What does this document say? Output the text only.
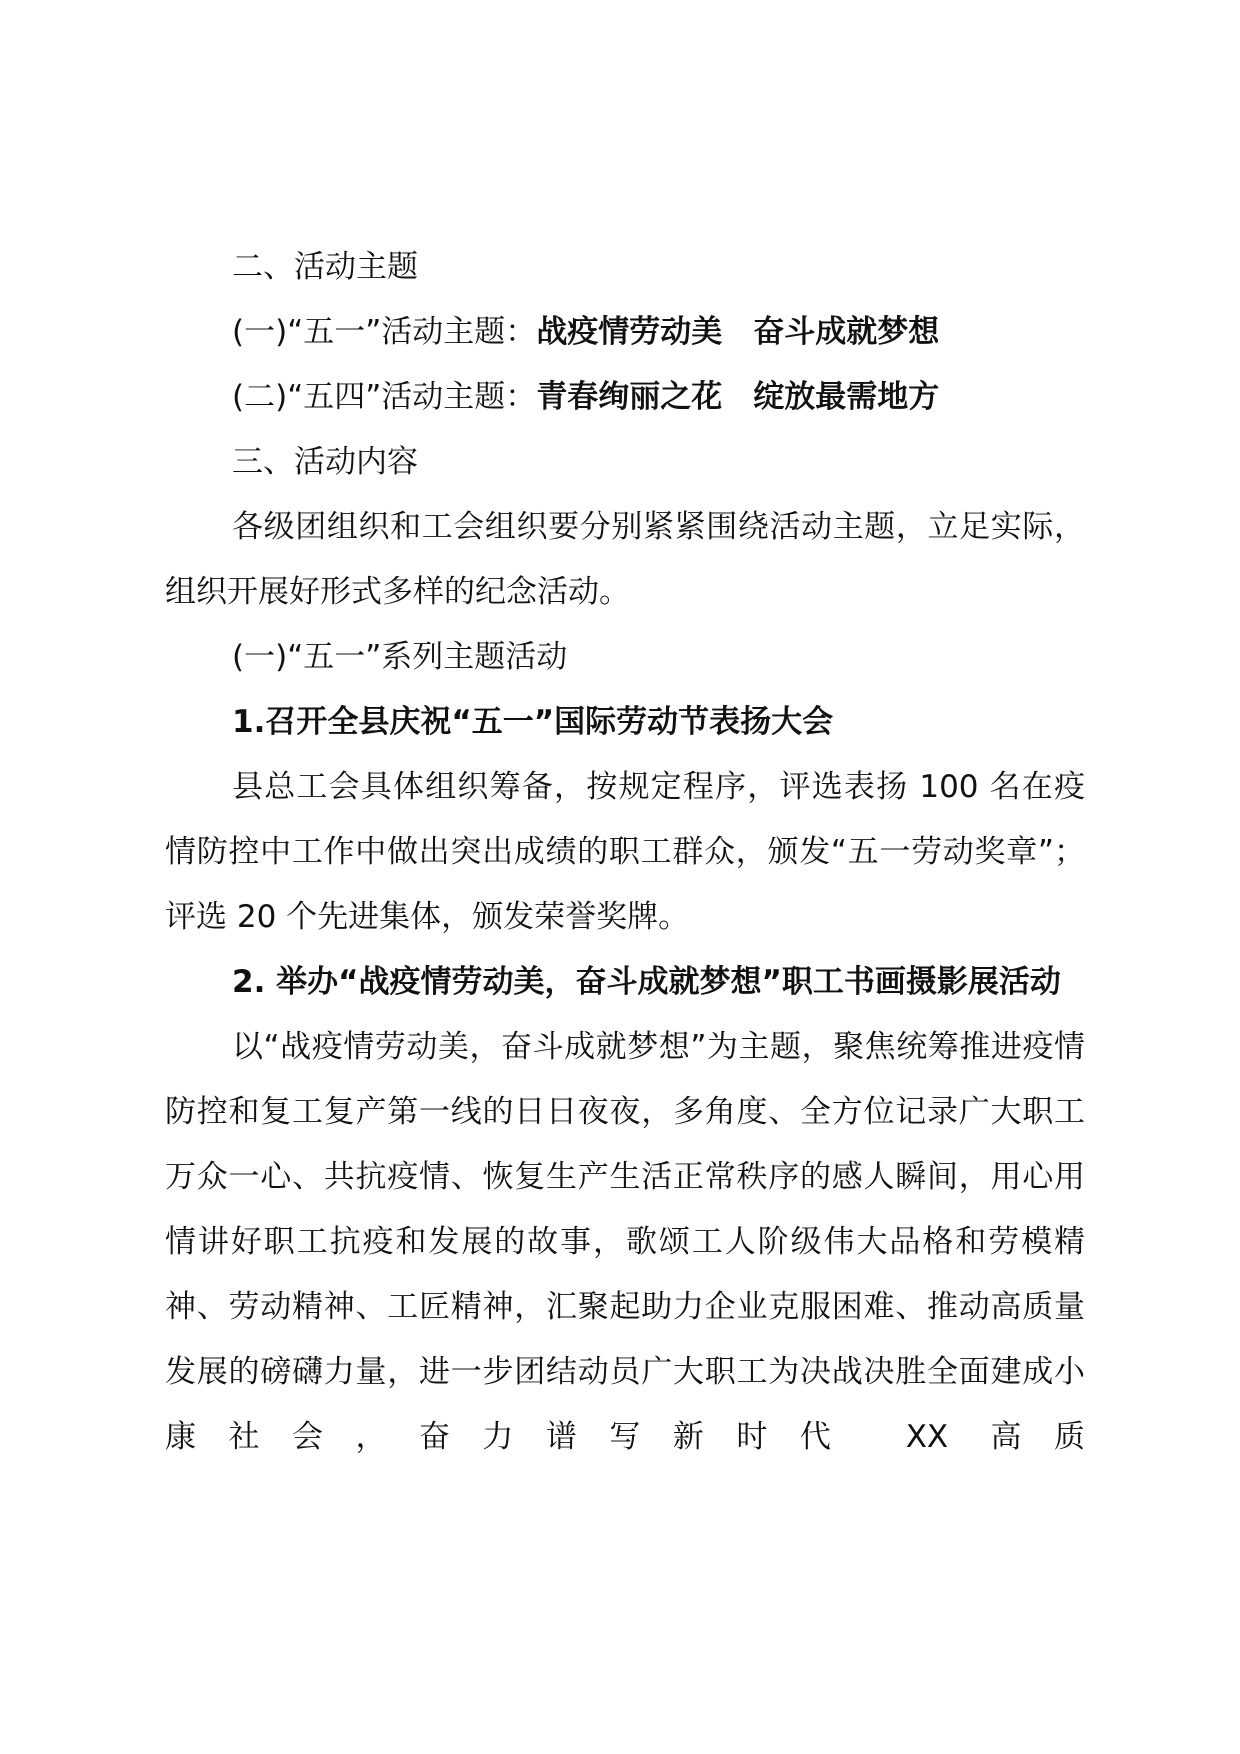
二、活动主题

(一)“五一”活动主题：战疫情劳动美 奋斗成就梦想

(二)“五四”活动主题：青春绚丽之花 绽放最需地方

三、活动内容

各级团组织和工会组织要分别紧紧围绕活动主题，立足实际，组织开展好形式多样的纪念活动。

(一)“五一”系列主题活动

1.召开全县庆祝“五一”国际劳动节表扬大会

县总工会具体组织筹备，按规定程序，评选表扬 100 名在疫情防控中工作中做出突出成绩的职工群众，颁发“五一劳动奖章”；评选 20 个先进集体，颁发荣誉奖牌。

2. 举办“战疫情劳动美，奋斗成就梦想”职工书画摄影展活动

以“战疫情劳动美，奋斗成就梦想”为主题，聚焦统筹推进疫情防控和复工复产第一线的日日夜夜，多角度、全方位记录广大职工万众一心、共抗疫情、恢复生产生活正常秩序的感人瞬间，用心用情讲好职工抗疫和发展的故事，歌颂工人阶级伟大品格和劳模精神、劳动精神、工匠精神，汇聚起助力企业克服困难、推动高质量发展的磅礴力量，进一步团结动员广大职工为决战决胜全面建成小康社会，奋力谱写新时代 XX 高质
